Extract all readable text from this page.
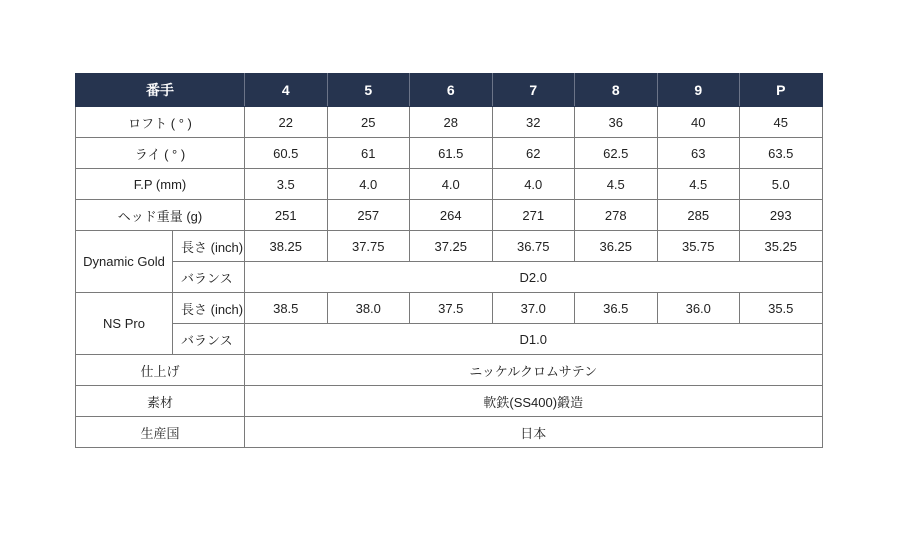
番手		4	5	6	7	8	9	P
ロフト ( ° )		22	25	28	32	36	40	45
ライ ( ° )		60.5	61	61.5	62	62.5	63	63.5
F.P (mm)		3.5	4.0	4.0	4.0	4.5	4.5	5.0
ヘッド重量 (g)		251	257	264	271	278	285	293
Dynamic Gold	長さ (inch)	38.25	37.75	37.25	36.75	36.25	35.75	35.25
	バランス	D2.0						
NS Pro	長さ (inch)	38.5	38.0	37.5	37.0	36.5	36.0	35.5
	バランス	D1.0						
仕上げ		ニッケルクロムサテン						
素材		軟鉄(SS400)鍛造						
生産国		日本						
